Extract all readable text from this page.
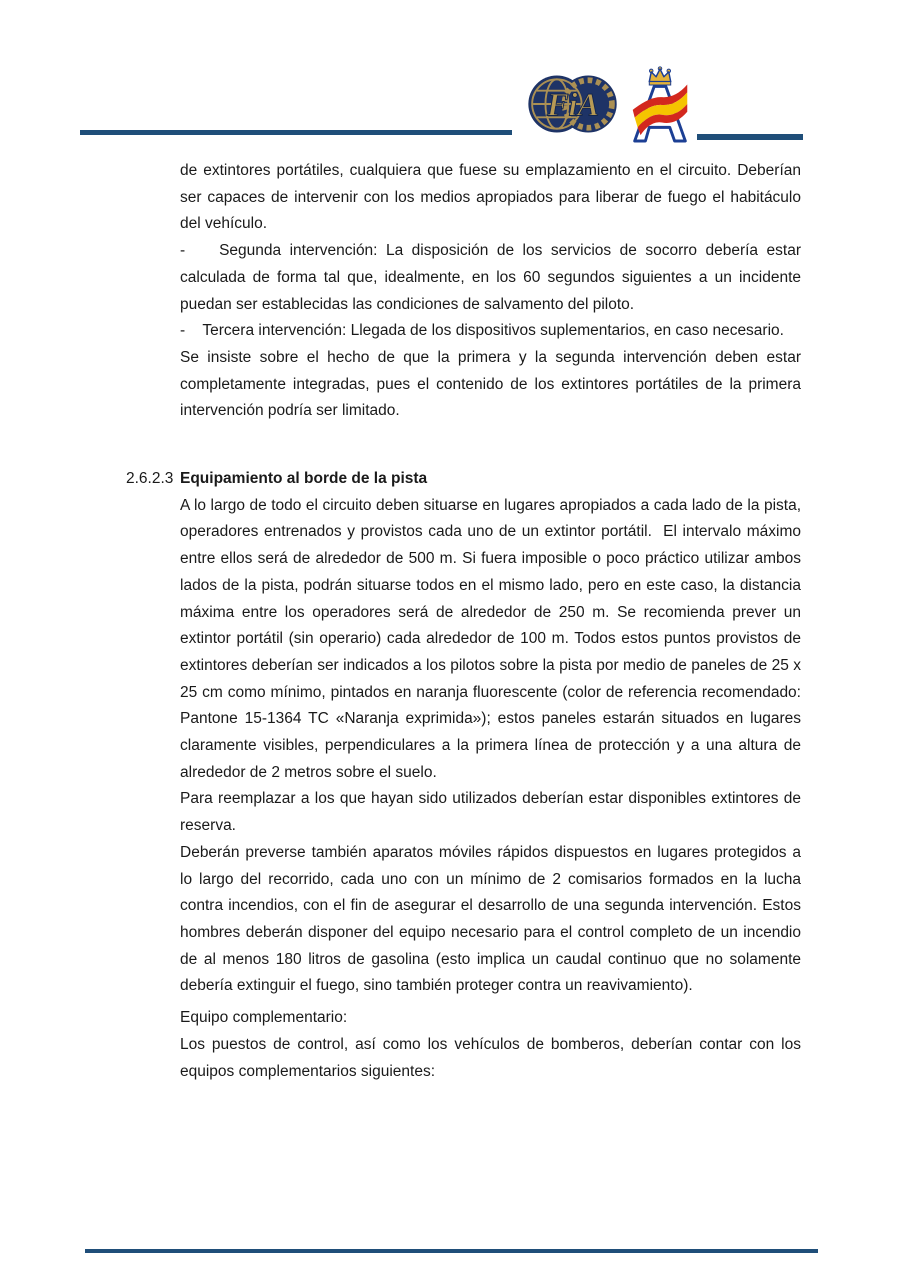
FiA

de extintores portátiles, cualquiera que fuese su emplazamiento en el circuito. Deberían ser capaces de intervenir con los medios apropiados para liberar de fuego el habitáculo del vehículo.

-    Segunda intervención: La disposición de los servicios de socorro debería estar calculada de forma tal que, idealmente, en los 60 segundos siguientes a un incidente puedan ser establecidas las condiciones de salvamento del piloto.

-    Tercera intervención: Llegada de los dispositivos suplementarios, en caso necesario.

Se insiste sobre el hecho de que la primera y la segunda intervención deben estar completamente integradas, pues el contenido de los extintores portátiles de la primera intervención podría ser limitado.

2.6.2.3 Equipamiento al borde de la pista

A lo largo de todo el circuito deben situarse en lugares apropiados a cada lado de la pista, operadores entrenados y provistos cada uno de un extintor portátil.  El intervalo máximo entre ellos será de alrededor de 500 m. Si fuera imposible o poco práctico utilizar ambos lados de la pista, podrán situarse todos en el mismo lado, pero en este caso, la distancia máxima entre los operadores será de alrededor de 250 m. Se recomienda prever un extintor portátil (sin operario) cada alrededor de 100 m. Todos estos puntos provistos de extintores deberían ser indicados a los pilotos sobre la pista por medio de paneles de 25 x 25 cm como mínimo, pintados en naranja fluorescente (color de referencia recomendado: Pantone 15-1364 TC «Naranja exprimida»); estos paneles estarán situados en lugares claramente visibles, perpendiculares a la primera línea de protección y a una altura de alrededor de 2 metros sobre el suelo.

Para reemplazar a los que hayan sido utilizados deberían estar disponibles extintores de reserva.

Deberán preverse también aparatos móviles rápidos dispuestos en lugares protegidos a lo largo del recorrido, cada uno con un mínimo de 2 comisarios formados en la lucha contra incendios, con el fin de asegurar el desarrollo de una segunda intervención. Estos hombres deberán disponer del equipo necesario para el control completo de un incendio de al menos 180 litros de gasolina (esto implica un caudal continuo que no solamente debería extinguir el fuego, sino también proteger contra un reavivamiento).

Equipo complementario:

Los puestos de control, así como los vehículos de bomberos, deberían contar con los equipos complementarios siguientes:
